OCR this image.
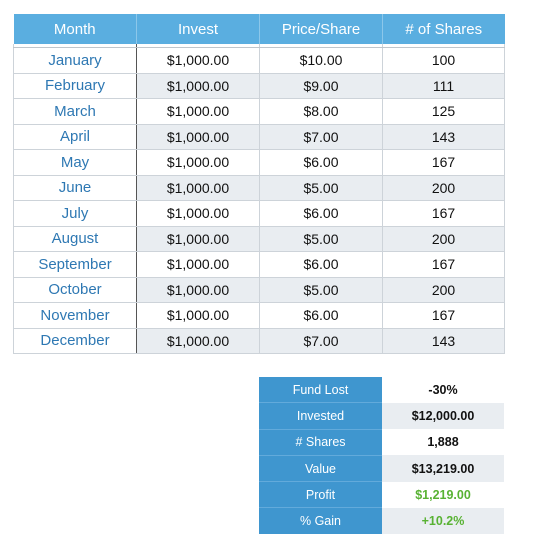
Month	Invest	Price/Share	# of Shares

January	$1,000.00	$10.00	100
February	$1,000.00	$9.00	111
March	$1,000.00	$8.00	125
April	$1,000.00	$7.00	143
May	$1,000.00	$6.00	167
June	$1,000.00	$5.00	200
July	$1,000.00	$6.00	167
August	$1,000.00	$5.00	200
September	$1,000.00	$6.00	167
October	$1,000.00	$5.00	200
November	$1,000.00	$6.00	167
December	$1,000.00	$7.00	143
Fund Lost	-30%
Invested	$12,000.00
# Shares	1,888
Value	$13,219.00
Profit	$1,219.00
% Gain	+10.2%
